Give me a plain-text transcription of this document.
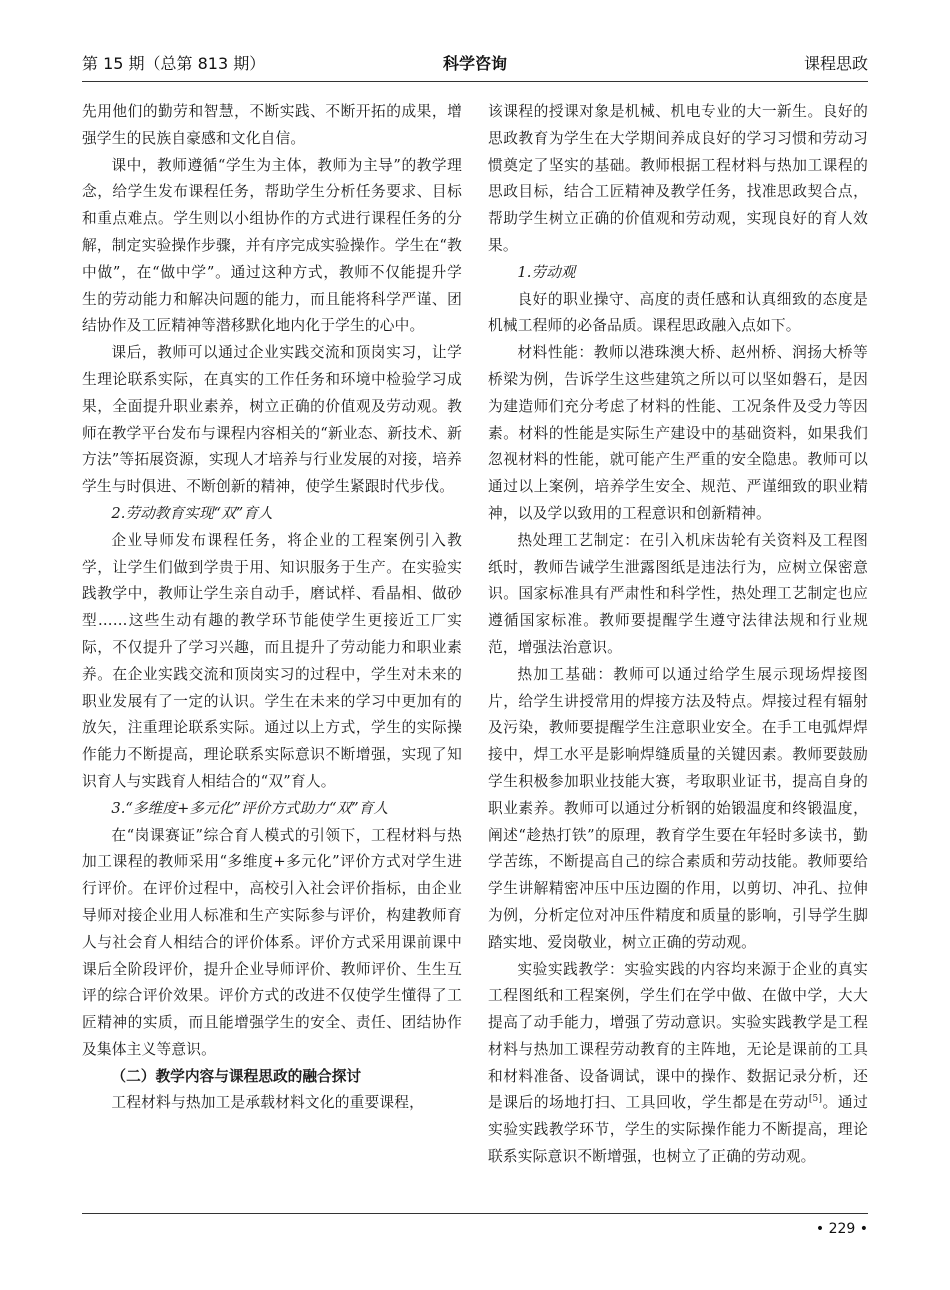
第 15 期（总第 813 期）	科学咨询	课程思政

先用他们的勤劳和智慧，不断实践、不断开拓的成果，增强学生的民族自豪感和文化自信。

课中，教师遵循“学生为主体，教师为主导”的教学理念，给学生发布课程任务，帮助学生分析任务要求、目标和重点难点。学生则以小组协作的方式进行课程任务的分解，制定实验操作步骤，并有序完成实验操作。学生在“教中做”，在“做中学”。通过这种方式，教师不仅能提升学生的劳动能力和解决问题的能力，而且能将科学严谨、团结协作及工匠精神等潜移默化地内化于学生的心中。

课后，教师可以通过企业实践交流和顶岗实习，让学生理论联系实际，在真实的工作任务和环境中检验学习成果，全面提升职业素养，树立正确的价值观及劳动观。教师在教学平台发布与课程内容相关的“新业态、新技术、新方法”等拓展资源，实现人才培养与行业发展的对接，培养学生与时俱进、不断创新的精神，使学生紧跟时代步伐。

2.劳动教育实现“双”育人

企业导师发布课程任务，将企业的工程案例引入教学，让学生们做到学贵于用、知识服务于生产。在实验实践教学中，教师让学生亲自动手，磨试样、看晶相、做砂型……这些生动有趣的教学环节能使学生更接近工厂实际，不仅提升了学习兴趣，而且提升了劳动能力和职业素养。在企业实践交流和顶岗实习的过程中，学生对未来的职业发展有了一定的认识。学生在未来的学习中更加有的放矢，注重理论联系实际。通过以上方式，学生的实际操作能力不断提高，理论联系实际意识不断增强，实现了知识育人与实践育人相结合的“双”育人。

3.“多维度+多元化”评价方式助力“双”育人

在“岗课赛证”综合育人模式的引领下，工程材料与热加工课程的教师采用“多维度+多元化”评价方式对学生进行评价。在评价过程中，高校引入社会评价指标，由企业导师对接企业用人标准和生产实际参与评价，构建教师育人与社会育人相结合的评价体系。评价方式采用课前课中课后全阶段评价，提升企业导师评价、教师评价、生生互评的综合评价效果。评价方式的改进不仅使学生懂得了工匠精神的实质，而且能增强学生的安全、责任、团结协作及集体主义等意识。

（二）教学内容与课程思政的融合探讨

工程材料与热加工是承载材料文化的重要课程，

该课程的授课对象是机械、机电专业的大一新生。良好的思政教育为学生在大学期间养成良好的学习习惯和劳动习惯奠定了坚实的基础。教师根据工程材料与热加工课程的思政目标，结合工匠精神及教学任务，找准思政契合点，帮助学生树立正确的价值观和劳动观，实现良好的育人效果。

1.劳动观

良好的职业操守、高度的责任感和认真细致的态度是机械工程师的必备品质。课程思政融入点如下。

材料性能：教师以港珠澳大桥、赵州桥、润扬大桥等桥梁为例，告诉学生这些建筑之所以可以坚如磐石，是因为建造师们充分考虑了材料的性能、工况条件及受力等因素。材料的性能是实际生产建设中的基础资料，如果我们忽视材料的性能，就可能产生严重的安全隐患。教师可以通过以上案例，培养学生安全、规范、严谨细致的职业精神，以及学以致用的工程意识和创新精神。

热处理工艺制定：在引入机床齿轮有关资料及工程图纸时，教师告诫学生泄露图纸是违法行为，应树立保密意识。国家标准具有严肃性和科学性，热处理工艺制定也应遵循国家标准。教师要提醒学生遵守法律法规和行业规范，增强法治意识。

热加工基础：教师可以通过给学生展示现场焊接图片，给学生讲授常用的焊接方法及特点。焊接过程有辐射及污染，教师要提醒学生注意职业安全。在手工电弧焊焊接中，焊工水平是影响焊缝质量的关键因素。教师要鼓励学生积极参加职业技能大赛，考取职业证书，提高自身的职业素养。教师可以通过分析钢的始锻温度和终锻温度，阐述“趁热打铁”的原理，教育学生要在年轻时多读书，勤学苦练，不断提高自己的综合素质和劳动技能。教师要给学生讲解精密冲压中压边圈的作用，以剪切、冲孔、拉伸为例，分析定位对冲压件精度和质量的影响，引导学生脚踏实地、爱岗敬业，树立正确的劳动观。

实验实践教学：实验实践的内容均来源于企业的真实工程图纸和工程案例，学生们在学中做、在做中学，大大提高了动手能力，增强了劳动意识。实验实践教学是工程材料与热加工课程劳动教育的主阵地，无论是课前的工具和材料准备、设备调试，课中的操作、数据记录分析，还是课后的场地打扫、工具回收，学生都是在劳动[5]。通过实验实践教学环节，学生的实际操作能力不断提高，理论联系实际意识不断增强，也树立了正确的劳动观。

• 229 •
